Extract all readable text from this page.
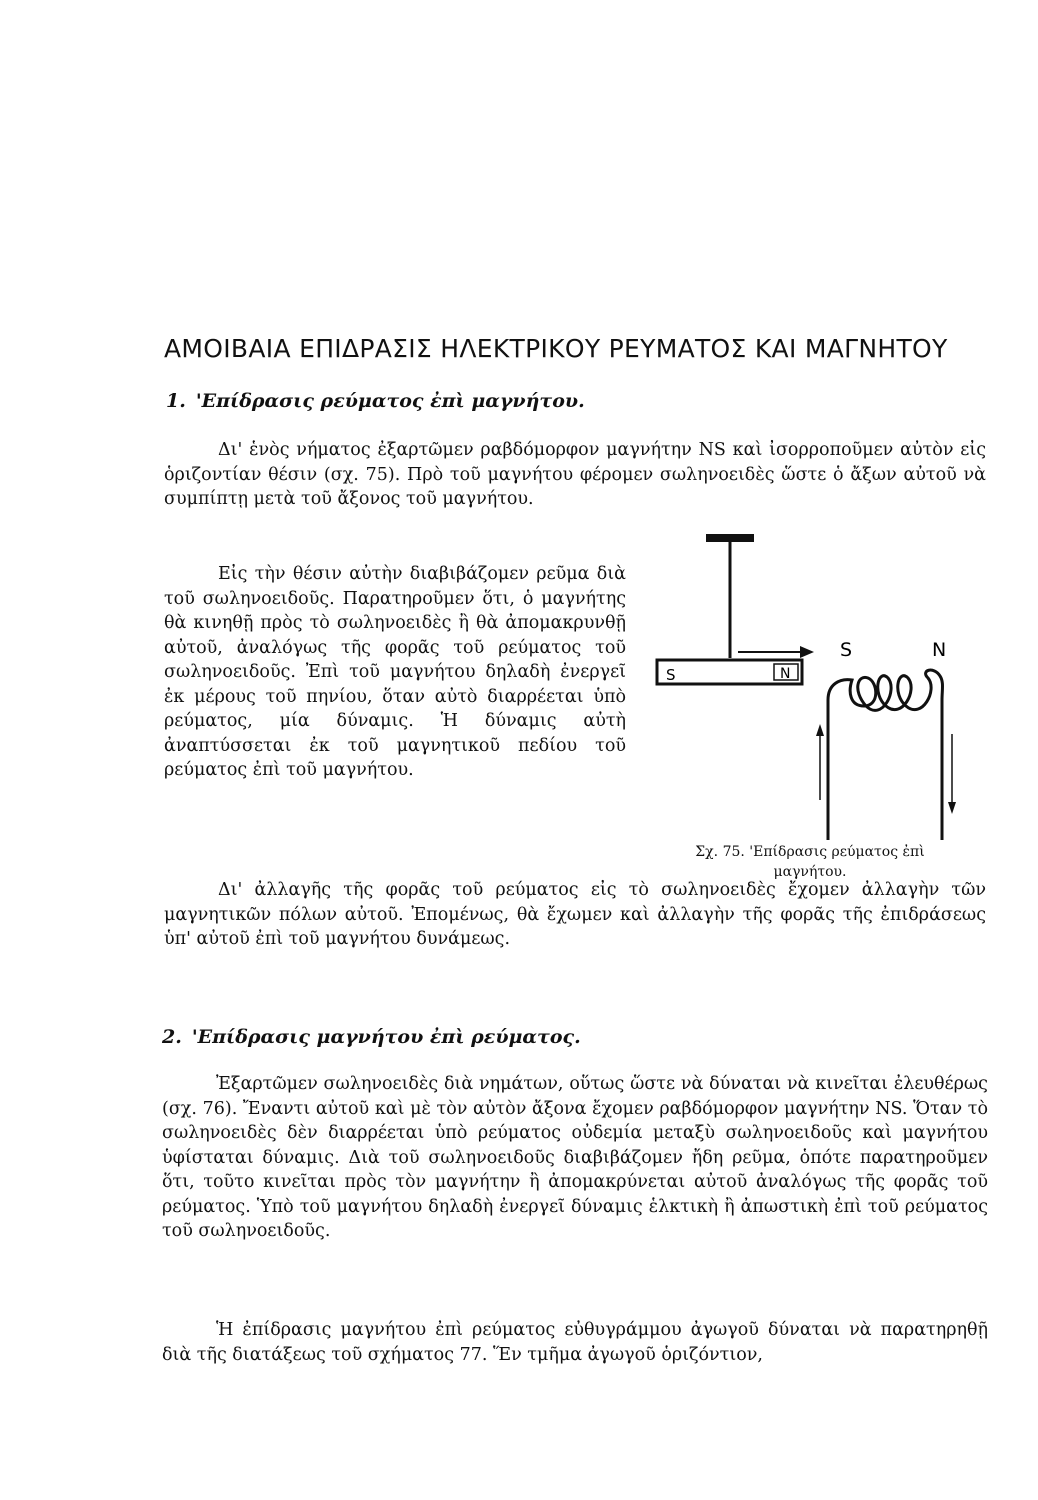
ΑΜΟΙΒΑΙΑ ΕΠΙΔΡΑΣΙΣ ΗΛΕΚΤΡΙΚΟΥ ΡΕΥΜΑΤΟΣ ΚΑΙ ΜΑΓΝΗΤΟΥ
1. 'Επίδρασις ρεύματος ἐπὶ μαγνήτου.
Δι' ἑνὸς νήματος ἐξαρτῶμεν ραβδόμορφον μαγνήτην NS καὶ ἰσορροποῦμεν αὐτὸν εἰς ὁριζοντίαν θέσιν (σχ. 75). Πρὸ τοῦ μαγνήτου φέρομεν σωληνοειδὲς ὥστε ὁ ἄξων αὐτοῦ νὰ συμπίπτῃ μετὰ τοῦ ἄξονος τοῦ μαγνήτου.
Εἰς τὴν θέσιν αὐτὴν διαβιβάζομεν ρεῦμα διὰ τοῦ σωληνοειδοῦς. Παρατηροῦμεν ὅτι, ὁ μαγνήτης θὰ κινηθῇ πρὸς τὸ σωληνοειδὲς ἢ θὰ ἀπομακρυνθῇ αὐτοῦ, ἀναλόγως τῆς φορᾶς τοῦ ρεύματος τοῦ σωληνοειδοῦς. Ἐπὶ τοῦ μαγνήτου δηλαδὴ ἐνεργεῖ ἐκ μέρους τοῦ πηνίου, ὅταν αὐτὸ διαρρέεται ὑπὸ ρεύματος, μία δύναμις. Ἡ δύναμις αὐτὴ ἀναπτύσσεται ἐκ τοῦ μαγνητικοῦ πεδίου τοῦ ρεύματος ἐπὶ τοῦ μαγνήτου.
Δι' ἀλλαγῆς τῆς φορᾶς τοῦ ρεύματος εἰς τὸ σωληνοειδὲς ἔχομεν ἀλλαγὴν τῶν μαγνητικῶν πόλων αὐτοῦ. Ἐπομένως, θὰ ἔχωμεν καὶ ἀλλαγὴν τῆς φορᾶς τῆς ἐπιδράσεως ὑπ' αὐτοῦ ἐπὶ τοῦ μαγνήτου δυνάμεως.
S	N
S	N
Σχ. 75. 'Επίδρασις ρεύματος ἐπὶ μαγνήτου.
2. 'Επίδρασις μαγνήτου ἐπὶ ρεύματος.
Ἐξαρτῶμεν σωληνοειδὲς διὰ νημάτων, οὕτως ὥστε νὰ δύναται νὰ κινεῖται ἐλευθέρως (σχ. 76). Ἔναντι αὐτοῦ καὶ μὲ τὸν αὐτὸν ἄξονα ἔχομεν ραβδόμορφον μαγνήτην NS. Ὅταν τὸ σωληνοειδὲς δὲν διαρρέεται ὑπὸ ρεύματος οὐδεμία μεταξὺ σωληνοειδοῦς καὶ μαγνήτου ὑφίσταται δύναμις. Διὰ τοῦ σωληνοειδοῦς διαβιβάζομεν ἤδη ρεῦμα, ὁπότε παρατηροῦμεν ὅτι, τοῦτο κινεῖται πρὸς τὸν μαγνήτην ἢ ἀπομακρύνεται αὐτοῦ ἀναλόγως τῆς φορᾶς τοῦ ρεύματος. Ὑπὸ τοῦ μαγνήτου δηλαδὴ ἐνεργεῖ δύναμις ἑλκτικὴ ἢ ἀπωστικὴ ἐπὶ τοῦ ρεύματος τοῦ σωληνοειδοῦς.
Ἡ ἐπίδρασις μαγνήτου ἐπὶ ρεύματος εὐθυγράμμου ἀγωγοῦ δύναται νὰ παρατηρηθῇ διὰ τῆς διατάξεως τοῦ σχήματος 77. Ἕν τμῆμα ἀγωγοῦ ὁριζόντιον,
